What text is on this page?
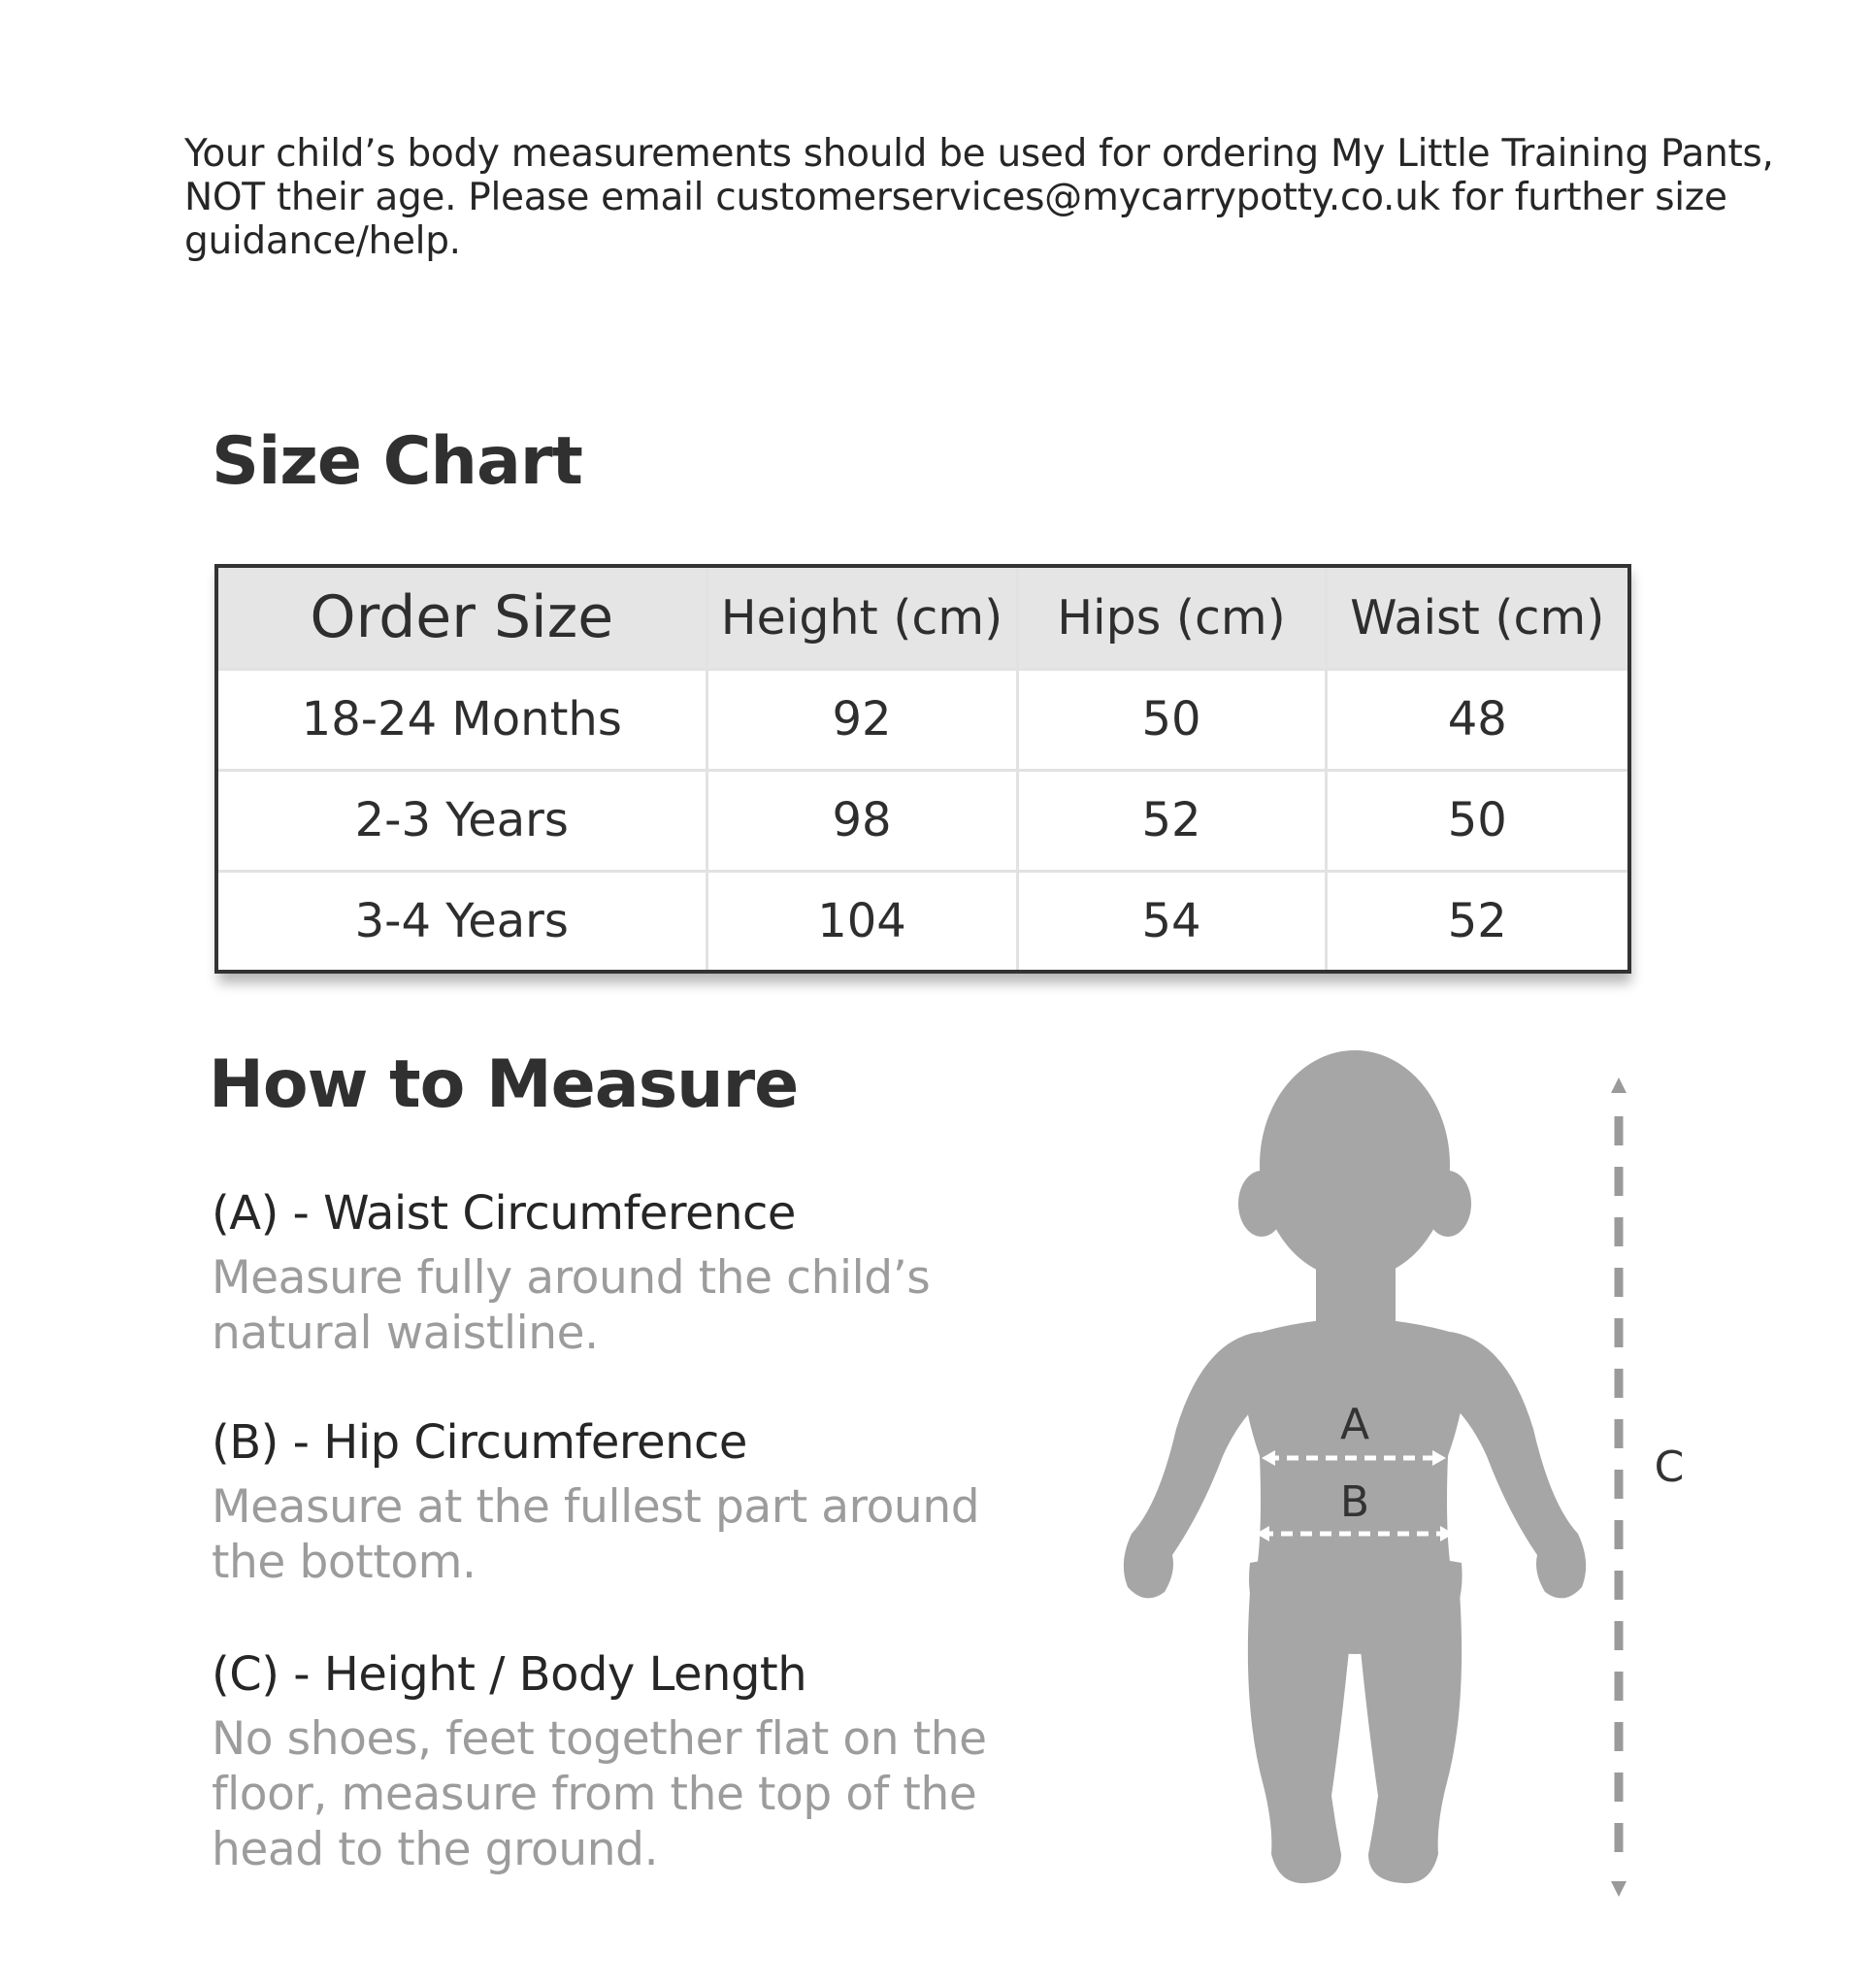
Your child’s body measurements should be used for ordering My Little Training Pants,
NOT their age. Please email customerservices@mycarrypotty.co.uk for further size
guidance/help.
Size Chart
Order Size	Height (cm)	Hips (cm)	Waist (cm)
18-24 Months	92	50	48
2-3 Years	98	52	50
3-4 Years	104	54	52
How to Measure
(A) - Waist Circumference
Measure fully around the child’s
natural waistline.
(B) - Hip Circumference
Measure at the fullest part around
the bottom.
(C) - Height / Body Length
No shoes, feet together flat on the
floor, measure from the top of the
head to the ground.
A
B
C
